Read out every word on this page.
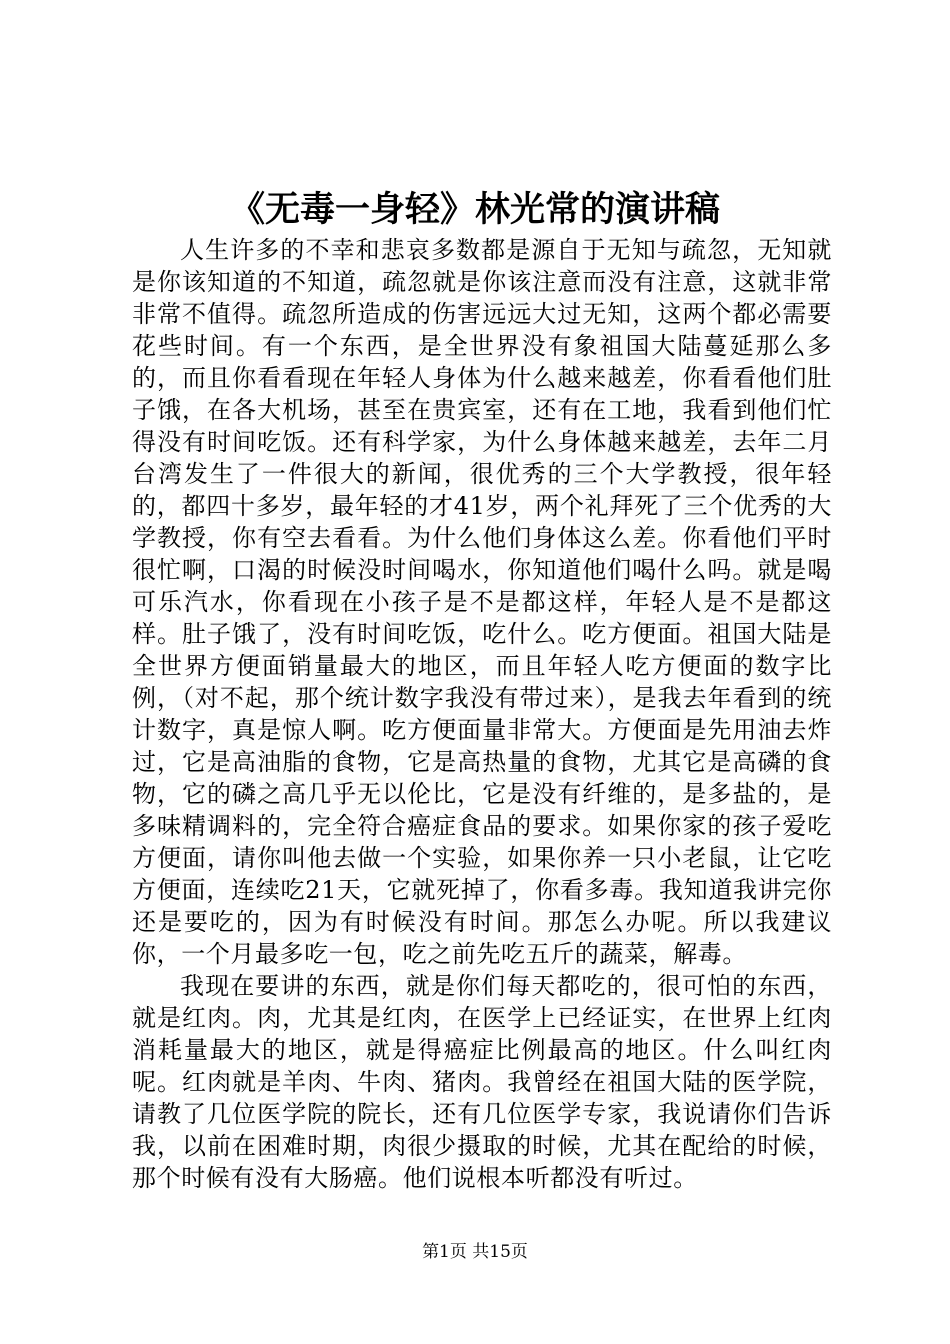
《无毒一身轻》林光常的演讲稿

人生许多的不幸和悲哀多数都是源自于无知与疏忽，无知就是你该知道的不知道，疏忽就是你该注意而没有注意，这就非常非常不值得。疏忽所造成的伤害远远大过无知，这两个都必需要花些时间。有一个东西，是全世界没有象祖国大陆蔓延那么多的，而且你看看现在年轻人身体为什么越来越差，你看看他们肚子饿，在各大机场，甚至在贵宾室，还有在工地，我看到他们忙得没有时间吃饭。还有科学家，为什么身体越来越差，去年二月台湾发生了一件很大的新闻，很优秀的三个大学教授，很年轻的，都四十多岁，最年轻的才41岁，两个礼拜死了三个优秀的大学教授，你有空去看看。为什么他们身体这么差。你看他们平时很忙啊，口渴的时候没时间喝水，你知道他们喝什么吗。就是喝可乐汽水，你看现在小孩子是不是都这样，年轻人是不是都这样。肚子饿了，没有时间吃饭，吃什么。吃方便面。祖国大陆是全世界方便面销量最大的地区，而且年轻人吃方便面的数字比例，（对不起，那个统计数字我没有带过来），是我去年看到的统计数字，真是惊人啊。吃方便面量非常大。方便面是先用油去炸过，它是高油脂的食物，它是高热量的食物，尤其它是高磷的食物，它的磷之高几乎无以伦比，它是没有纤维的，是多盐的，是多味精调料的，完全符合癌症食品的要求。如果你家的孩子爱吃方便面，请你叫他去做一个实验，如果你养一只小老鼠，让它吃方便面，连续吃21天，它就死掉了，你看多毒。我知道我讲完你还是要吃的，因为有时候没有时间。那怎么办呢。所以我建议你，一个月最多吃一包，吃之前先吃五斤的蔬菜，解毒。

我现在要讲的东西，就是你们每天都吃的，很可怕的东西，就是红肉。肉，尤其是红肉，在医学上已经证实，在世界上红肉消耗量最大的地区，就是得癌症比例最高的地区。什么叫红肉呢。红肉就是羊肉、牛肉、猪肉。我曾经在祖国大陆的医学院，请教了几位医学院的院长，还有几位医学专家，我说请你们告诉我，以前在困难时期，肉很少摄取的时候，尤其在配给的时候，那个时候有没有大肠癌。他们说根本听都没有听过。

第1页 共15页
